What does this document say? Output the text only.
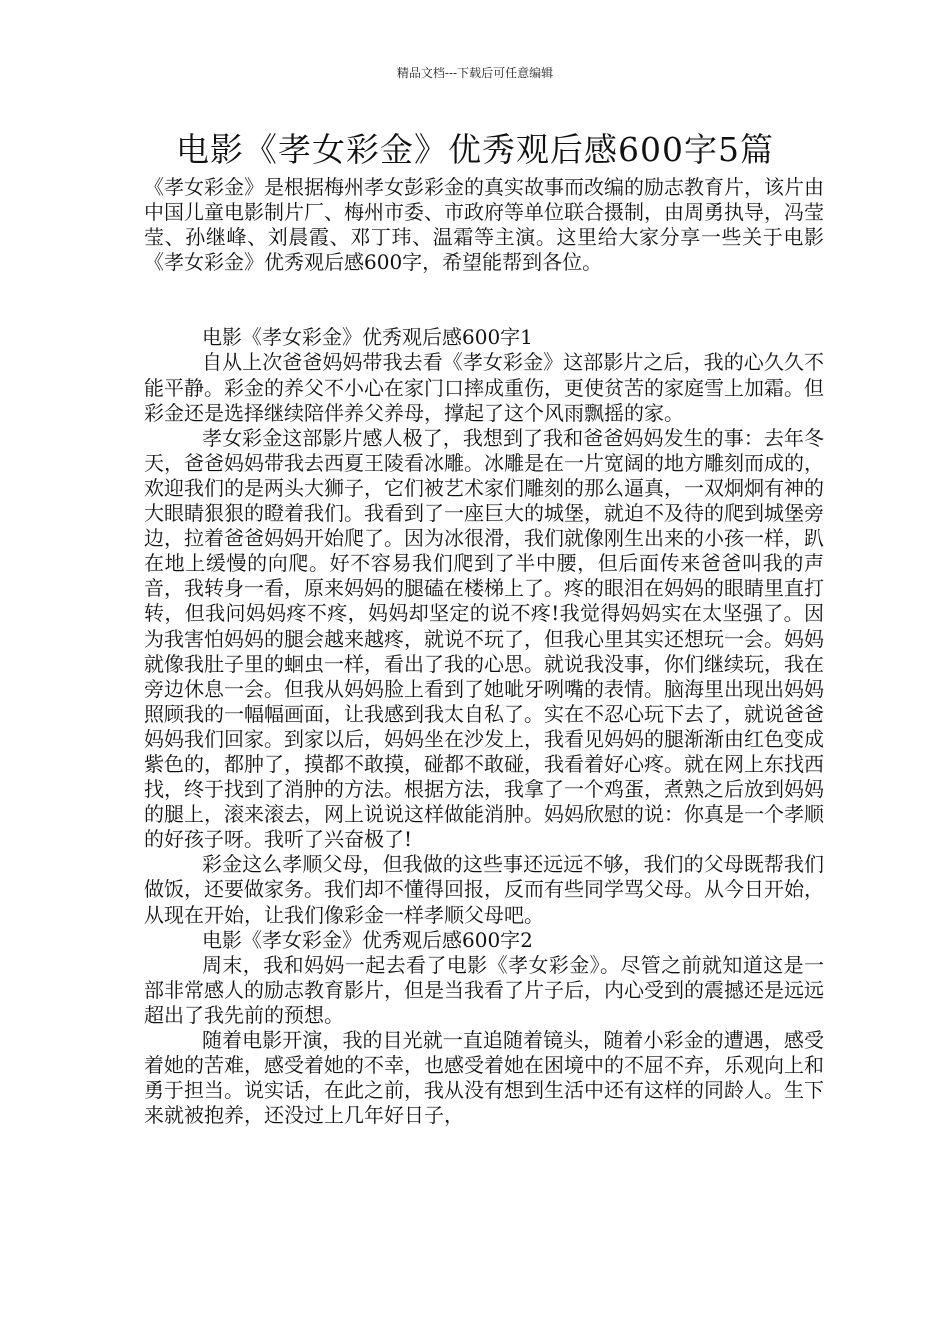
精品文档---下载后可任意编辑
电影《孝女彩金》优秀观后感600字5篇

《孝女彩金》是根据梅州孝女彭彩金的真实故事而改编的励志教育片，该片由中国儿童电影制片厂、梅州市委、市政府等单位联合摄制，由周勇执导，冯莹莹、孙继峰、刘晨霞、邓丁玮、温霜等主演。这里给大家分享一些关于电影《孝女彩金》优秀观后感600字，希望能帮到各位。

电影《孝女彩金》优秀观后感600字1

自从上次爸爸妈妈带我去看《孝女彩金》这部影片之后，我的心久久不能平静。彩金的养父不小心在家门口摔成重伤，更使贫苦的家庭雪上加霜。但彩金还是选择继续陪伴养父养母，撑起了这个风雨飘摇的家。

孝女彩金这部影片感人极了，我想到了我和爸爸妈妈发生的事：去年冬天，爸爸妈妈带我去西夏王陵看冰雕。冰雕是在一片宽阔的地方雕刻而成的，欢迎我们的是两头大狮子，它们被艺术家们雕刻的那么逼真，一双炯炯有神的大眼睛狠狠的瞪着我们。我看到了一座巨大的城堡，就迫不及待的爬到城堡旁边，拉着爸爸妈妈开始爬了。因为冰很滑，我们就像刚生出来的小孩一样，趴在地上缓慢的向爬。好不容易我们爬到了半中腰，但后面传来爸爸叫我的声音，我转身一看，原来妈妈的腿磕在楼梯上了。疼的眼泪在妈妈的眼睛里直打转，但我问妈妈疼不疼，妈妈却坚定的说不疼!我觉得妈妈实在太坚强了。因为我害怕妈妈的腿会越来越疼，就说不玩了，但我心里其实还想玩一会。妈妈就像我肚子里的蛔虫一样，看出了我的心思。就说我没事，你们继续玩，我在旁边休息一会。但我从妈妈脸上看到了她呲牙咧嘴的表情。脑海里出现出妈妈照顾我的一幅幅画面，让我感到我太自私了。实在不忍心玩下去了，就说爸爸妈妈我们回家。到家以后，妈妈坐在沙发上，我看见妈妈的腿渐渐由红色变成紫色的，都肿了，摸都不敢摸，碰都不敢碰，我看着好心疼。就在网上东找西找，终于找到了消肿的方法。根据方法，我拿了一个鸡蛋，煮熟之后放到妈妈的腿上，滚来滚去，网上说说这样做能消肿。妈妈欣慰的说：你真是一个孝顺的好孩子呀。我听了兴奋极了!

彩金这么孝顺父母，但我做的这些事还远远不够，我们的父母既帮我们做饭，还要做家务。我们却不懂得回报，反而有些同学骂父母。从今日开始，从现在开始，让我们像彩金一样孝顺父母吧。

电影《孝女彩金》优秀观后感600字2

周末，我和妈妈一起去看了电影《孝女彩金》。尽管之前就知道这是一部非常感人的励志教育影片，但是当我看了片子后，内心受到的震撼还是远远超出了我先前的预想。

随着电影开演，我的目光就一直追随着镜头，随着小彩金的遭遇，感受着她的苦难，感受着她的不幸，也感受着她在困境中的不屈不弃，乐观向上和勇于担当。说实话，在此之前，我从没有想到生活中还有这样的同龄人。生下来就被抱养，还没过上几年好日子，
